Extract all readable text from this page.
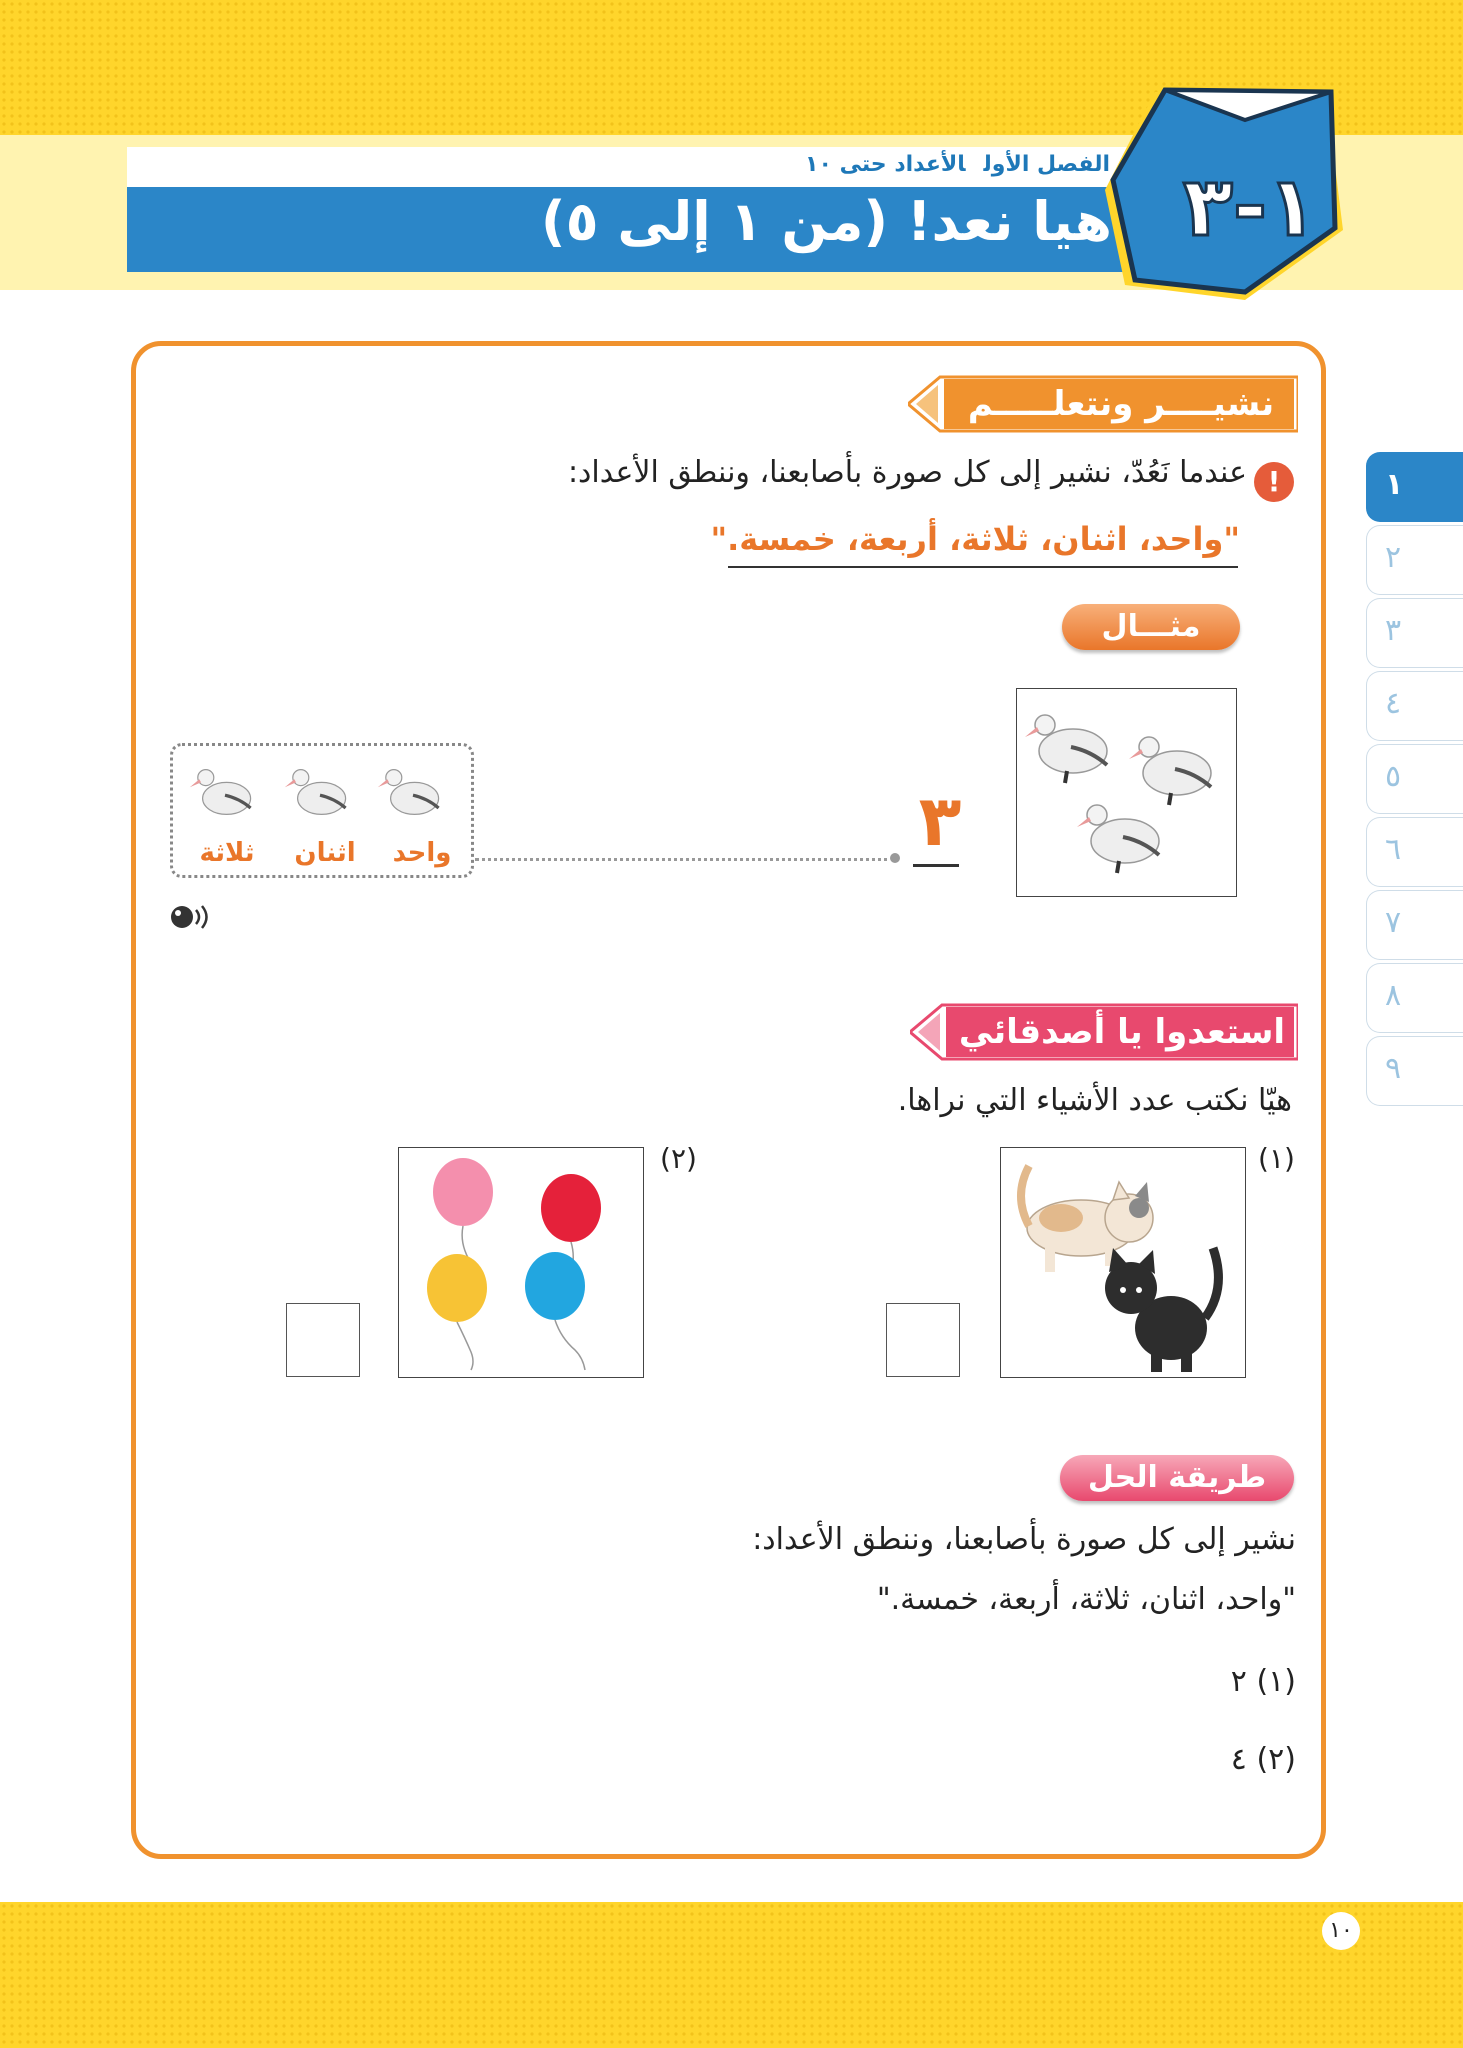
الفصل الأولالأعداد حتى ١٠
هيا نعد! (من ١ إلى ٥) ١-٣
نشيــــر ونتعلـــــم
!
عندما نَعُدّ، نشير إلى كل صورة بأصابعنا، وننطق الأعداد:
"واحد، اثنان، ثلاثة، أربعة، خمسة."
مثـــال
٣
واحد
اثنان
ثلاثة
استعدوا يا أصدقائي
هيّا نكتب عدد الأشياء التي نراها.
(١)
(٢)
طريقة الحل
نشير إلى كل صورة بأصابعنا، وننطق الأعداد:
"واحد، اثنان، ثلاثة، أربعة، خمسة."
(١) ٢
(٢) ٤
١
٢
٣
٤
٥
٦
٧
٨
٩
١٠
